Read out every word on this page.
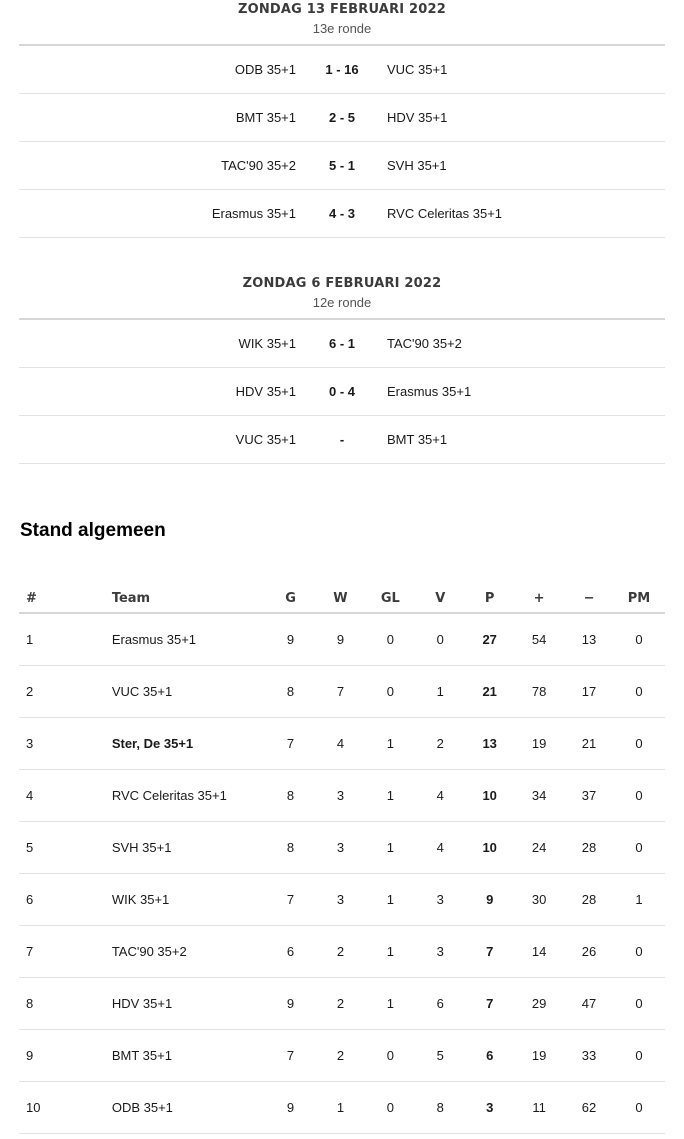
ZONDAG 13 FEBRUARI 2022
13e ronde
ODB 35+1	1 - 16	VUC 35+1
BMT 35+1	2 - 5	HDV 35+1
TAC'90 35+2	5 - 1	SVH 35+1
Erasmus 35+1	4 - 3	RVC Celeritas 35+1
ZONDAG 6 FEBRUARI 2022
12e ronde
WIK 35+1	6 - 1	TAC'90 35+2
HDV 35+1	0 - 4	Erasmus 35+1
VUC 35+1	-	BMT 35+1
Stand algemeen
#	Team	G	W	GL	V	P	+	−	PM
1	Erasmus 35+1	9	9	0	0	27	54	13	0
2	VUC 35+1	8	7	0	1	21	78	17	0
3	Ster, De 35+1	7	4	1	2	13	19	21	0
4	RVC Celeritas 35+1	8	3	1	4	10	34	37	0
5	SVH 35+1	8	3	1	4	10	24	28	0
6	WIK 35+1	7	3	1	3	9	30	28	1
7	TAC'90 35+2	6	2	1	3	7	14	26	0
8	HDV 35+1	9	2	1	6	7	29	47	0
9	BMT 35+1	7	2	0	5	6	19	33	0
10	ODB 35+1	9	1	0	8	3	11	62	0
